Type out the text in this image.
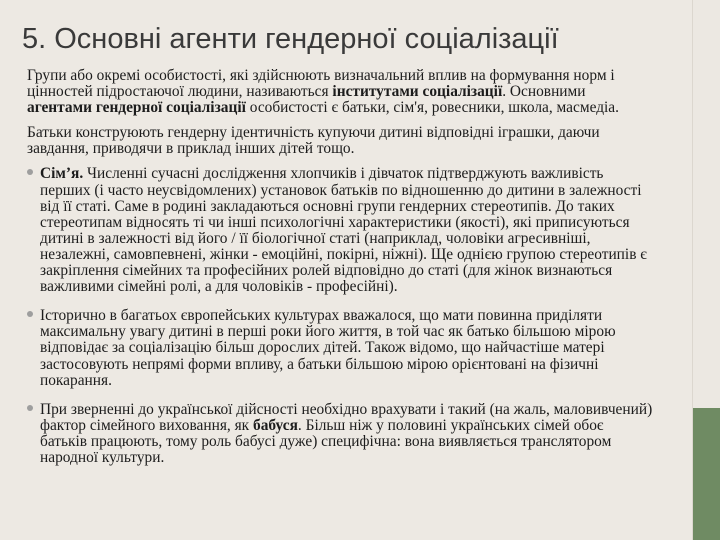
5. Основні агенти гендерної соціалізації

Групи або окремі особистості, які здійснюють визначальний вплив на формування норм і цінностей підростаючої людини, називаються інститутами соціалізації. Основними агентами гендерної соціалізації особистості є батьки, сім'я, ровесники, школа, масмедіа.

Батьки конструюють гендерну ідентичність купуючи дитині відповідні іграшки, даючи завдання, приводячи в приклад інших дітей тощо.

Сім’я. Численні сучасні дослідження хлопчиків і дівчаток підтверджують важливість перших (і часто неусвідомлених) установок батьків по відношенню до дитини в залежності від її статі. Саме в родині закладаються основні групи гендерних стереотипів. До таких стереотипам відносять ті чи інші психологічні характеристики (якості), які приписуються дитині в залежності від його / її біологічної статі (наприклад, чоловіки агресивніші, незалежні, самовпевнені, жінки - емоційні, покірні, ніжні). Ще однією групою стереотипів є закріплення сімейних та професійних ролей відповідно до статі (для жінок визнаються важливими сімейні ролі, а для чоловіків - професійні).
Історично в багатьох європейських культурах вважалося, що мати повинна приділяти максимальну увагу дитині в перші роки його життя, в той час як батько більшою мірою відповідає за соціалізацію більш дорослих дітей. Також відомо, що найчастіше матері застосовують непрямі форми впливу, а батьки більшою мірою орієнтовані на фізичні покарання.
При зверненні до української дійсності необхідно врахувати і такий (на жаль, маловивчений) фактор сімейного виховання, як бабуся. Більш ніж у половині українських сімей обоє батьків працюють, тому роль бабусі дуже) специфічна: вона виявляється транслятором народної культури.
